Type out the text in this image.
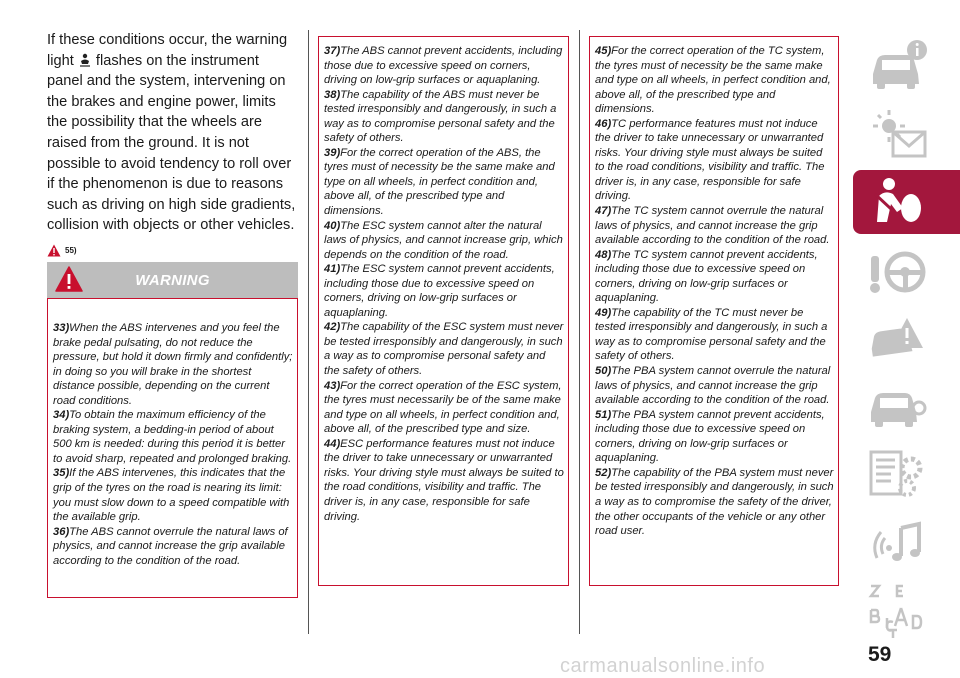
If these conditions occur, the warning light flashes on the instrument panel and the system, intervening on the brakes and engine power, limits the possibility that the wheels are raised from the ground. It is not possible to avoid tendency to roll over if the phenomenon is due to reasons such as driving on high side gradients, collision with objects or other vehicles.

55)
WARNING
33)When the ABS intervenes and you feel the brake pedal pulsating, do not reduce the pressure, but hold it down firmly and confidently; in doing so you will brake in the shortest distance possible, depending on the current road conditions.
34)To obtain the maximum efficiency of the braking system, a bedding-in period of about 500 km is needed: during this period it is better to avoid sharp, repeated and prolonged braking.
35)If the ABS intervenes, this indicates that the grip of the tyres on the road is nearing its limit: you must slow down to a speed compatible with the available grip.
36)The ABS cannot overrule the natural laws of physics, and cannot increase the grip available according to the condition of the road.
37)The ABS cannot prevent accidents, including those due to excessive speed on corners, driving on low-grip surfaces or aquaplaning.
38)The capability of the ABS must never be tested irresponsibly and dangerously, in such a way as to compromise personal safety and the safety of others.
39)For the correct operation of the ABS, the tyres must of necessity be the same make and type on all wheels, in perfect condition and, above all, of the prescribed type and dimensions.
40)The ESC system cannot alter the natural laws of physics, and cannot increase grip, which depends on the condition of the road.
41)The ESC system cannot prevent accidents, including those due to excessive speed on corners, driving on low-grip surfaces or aquaplaning.
42)The capability of the ESC system must never be tested irresponsibly and dangerously, in such a way as to compromise personal safety and the safety of others.
43)For the correct operation of the ESC system, the tyres must necessarily be of the same make and type on all wheels, in perfect condition and, above all, of the prescribed type and size.
44)ESC performance features must not induce the driver to take unnecessary or unwarranted risks. Your driving style must always be suited to the road conditions, visibility and traffic. The driver is, in any case, responsible for safe driving.
45)For the correct operation of the TC system, the tyres must of necessity be the same make and type on all wheels, in perfect condition and, above all, of the prescribed type and dimensions.
46)TC performance features must not induce the driver to take unnecessary or unwarranted risks. Your driving style must always be suited to the road conditions, visibility and traffic. The driver is, in any case, responsible for safe driving.
47)The TC system cannot overrule the natural laws of physics, and cannot increase the grip available according to the condition of the road.
48)The TC system cannot prevent accidents, including those due to excessive speed on corners, driving on low-grip surfaces or aquaplaning.
49)The capability of the TC must never be tested irresponsibly and dangerously, in such a way as to compromise personal safety and the safety of others.
50)The PBA system cannot overrule the natural laws of physics, and cannot increase the grip available according to the condition of the road.
51)The PBA system cannot prevent accidents, including those due to excessive speed on corners, driving on low-grip surfaces or aquaplaning.
52)The capability of the PBA system must never be tested irresponsibly and dangerously, in such a way as to compromise the safety of the driver, the other occupants of the vehicle or any other road user.
59
carmanualsonline.info
